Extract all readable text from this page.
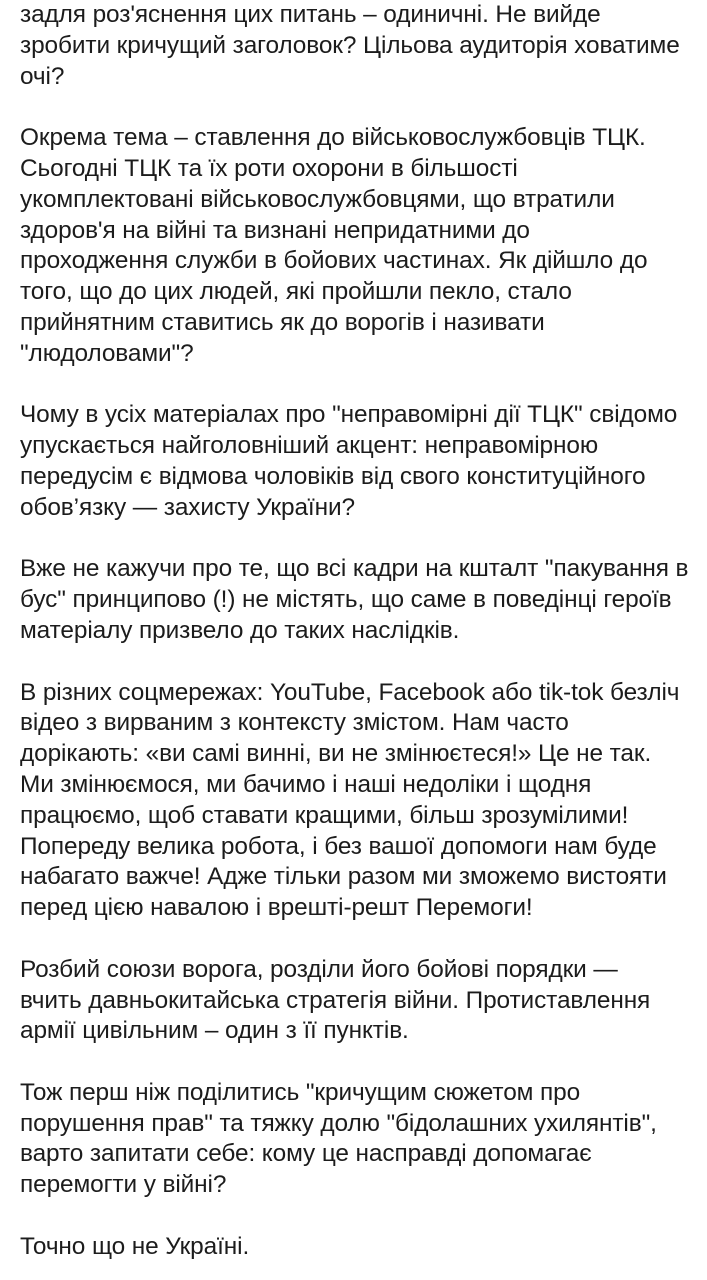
задля роз'яснення цих питань – одиничні. Не вийде
зробити кричущий заголовок? Цільова аудиторія ховатиме
очі?
Окрема тема – ставлення до військовослужбовців ТЦК.
Сьогодні ТЦК та їх роти охорони в більшості
укомплектовані військовослужбовцями, що втратили
здоров'я на війні та визнані непридатними до
проходження служби в бойових частинах. Як дійшло до
того, що до цих людей, які пройшли пекло, стало
прийнятним ставитись як до ворогів і називати
"людоловами"?
Чому в усіх матеріалах про "неправомірні дії ТЦК" свідомо
упускається найголовніший акцент: неправомірною
передусім є відмова чоловіків від свого конституційного
обов’язку — захисту України?
Вже не кажучи про те, що всі кадри на кшталт "пакування в
бус" принципово (!) не містять, що саме в поведінці героїв
матеріалу призвело до таких наслідків.
В різних соцмережах: YouTube, Facebook або tik-tok безліч
відео з вирваним з контексту змістом. Нам часто
дорікають: «ви самі винні, ви не змінюєтеся!» Це не так.
Ми змінюємося, ми бачимо і наші недоліки і щодня
працюємо, щоб ставати кращими, більш зрозумілими!
Попереду велика робота, і без вашої допомоги нам буде
набагато важче! Адже тільки разом ми зможемо вистояти
перед цією навалою і врешті-решт Перемоги!
Розбий союзи ворога, розділи його бойові порядки —
вчить давньокитайська стратегія війни. Протиставлення
армії цивільним – один з її пунктів.
Тож перш ніж поділитись "кричущим сюжетом про
порушення прав" та тяжку долю "бідолашних ухилянтів",
варто запитати себе: кому це насправді допомагає
перемогти у війні?
Точно що не Україні.
